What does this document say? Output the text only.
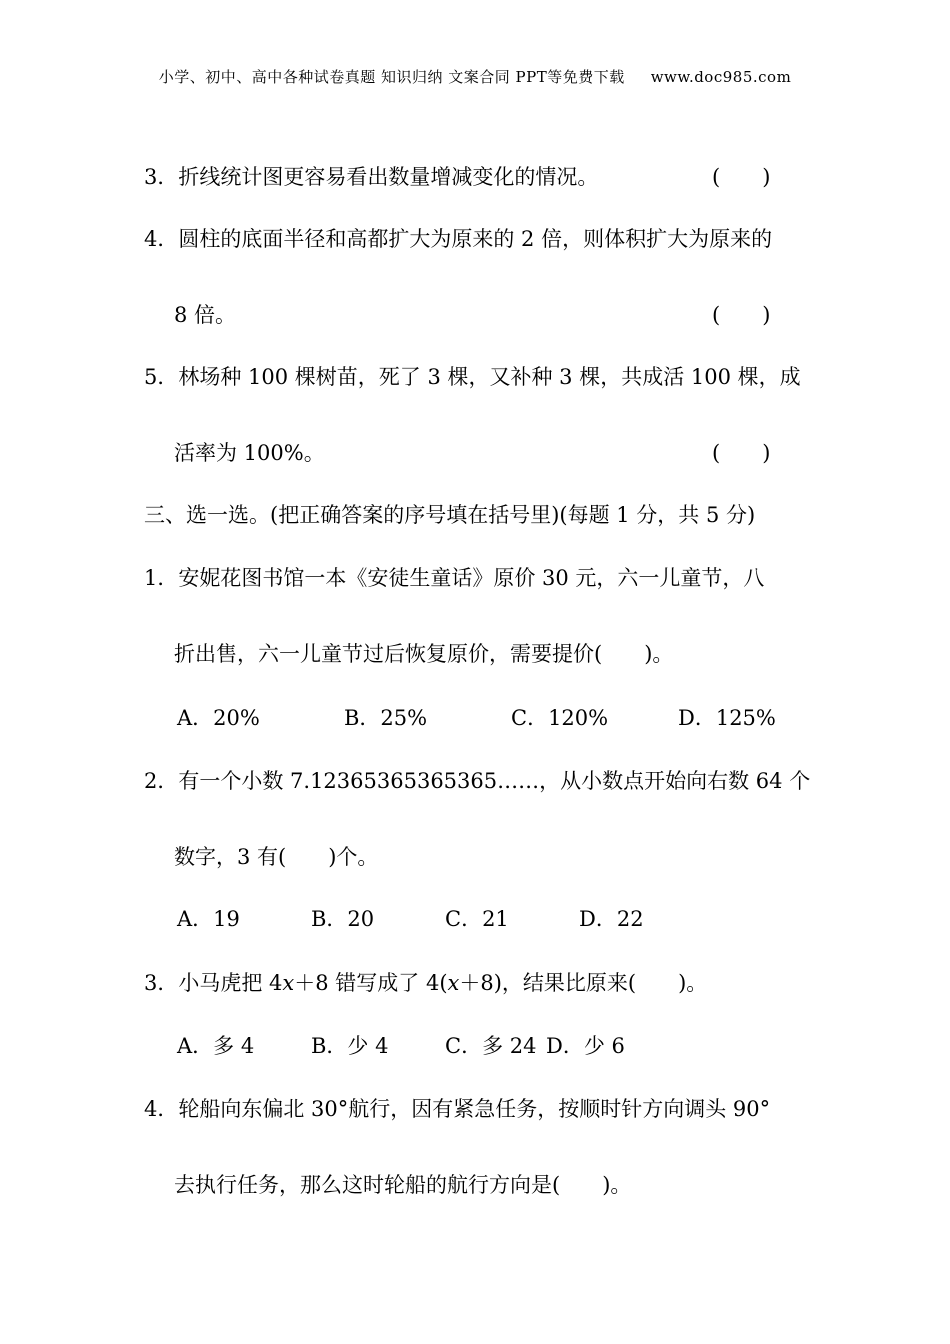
小学、初中、高中各种试卷真题 知识归纳 文案合同 PPT等免费下载 www.doc985.com
3．折线统计图更容易看出数量增减变化的情况。	(　　)
4．圆柱的底面半径和高都扩大为原来的 2 倍，则体积扩大为原来的
8 倍。	(　　)
5．林场种 100 棵树苗，死了 3 棵，又补种 3 棵，共成活 100 棵，成
活率为 100%。	(　　)
三、选一选。(把正确答案的序号填在括号里)(每题 1 分，共 5 分)
1．安妮花图书馆一本《安徒生童话》原价 30 元，六一儿童节，八
折出售，六一儿童节过后恢复原价，需要提价(　　)。
A．20%	B．25%	C．120%	D．125%
2．有一个小数 7.12365365365365……，从小数点开始向右数 64 个
数字，3 有(　　)个。
A．19	B．20	C．21	D．22
3．小马虎把 4x＋8 错写成了 4(x＋8)，结果比原来(　　)。
A．多 4	B．少 4	C．多 24 D．少 6
4．轮船向东偏北 30°航行，因有紧急任务，按顺时针方向调头 90°
去执行任务，那么这时轮船的航行方向是(　　)。
